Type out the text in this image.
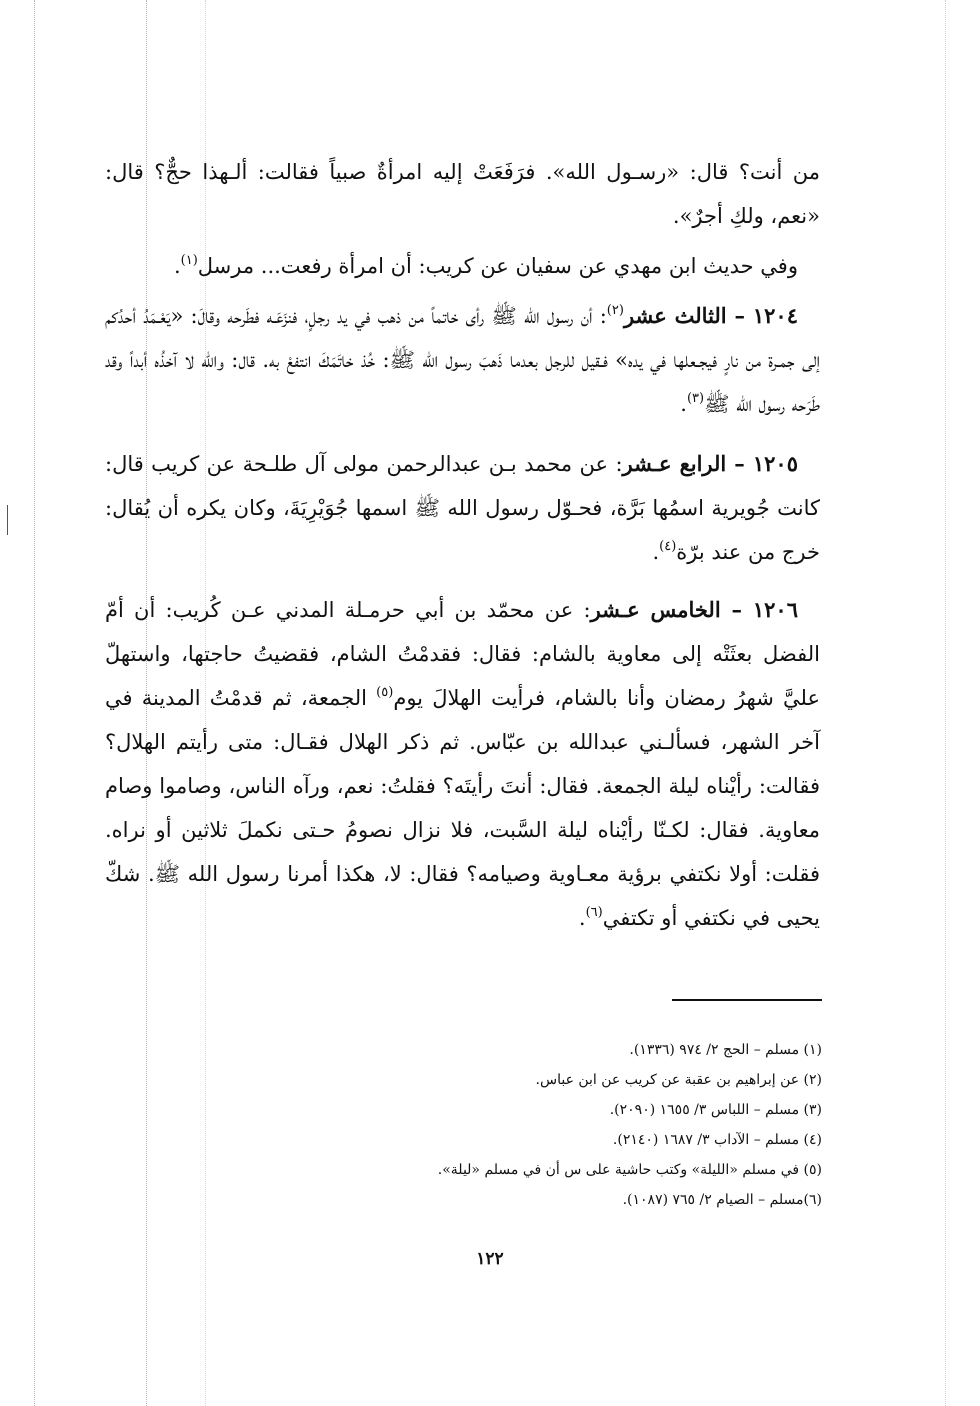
من أنت؟ قال: «رسـول الله». فرَفَعَتْ إليه امرأةٌ صبياً فقالت: ألـهذا حجٌّ؟ قال: «نعم، ولكِ أجرٌ».

وفي حديث ابن مهدي عن سفيان عن كريب: أن امرأة رفعت... مرسل$^{(١)}$.

١٢٠٤ – الثالث عشر$^{(٢)}$: أن رسول الله ﷺ رأى خاتماً من ذهب في يد رجلٍ، فنزَعَـه فطَرحه وقالَ: «يَعْـمَدُ أحدُكم إلى جمـرة من نارٍ فيجـعلها في يده» فـقيل للرجل بعدما ذَهبَ رسول الله ﷺ: خُذ خاتَمَكَ انتفعْ به. قال: والله لا آخذُه أبداً وقد طَرَحه رسول الله ﷺ$^{(٣)}$.

١٢٠٥ – الرابع عـشر: عن محمد بـن عبدالرحمن مولى آل طلـحة عن كريب قال: كانت جُويرية اسمُها بَرَّة، فحـوّل رسول الله ﷺ اسمها جُوَيْرِيَةَ، وكان يكره أن يُقال: خرج من عند برّة$^{(٤)}$.

١٢٠٦ – الخامس عـشر: عن محمّد بن أبي حرمـلة المدني عـن كُريب: أن أمّ الفضل بعثَتْه إلى معاوية بالشام: فقال: فقدمْتُ الشام، فقضيتُ حاجتها، واستهلّ عليَّ شهرُ رمضان وأنا بالشام، فرأيت الهلالَ يوم$^{(٥)}$ الجمعة، ثم قدمْتُ المدينة في آخر الشهر، فسألـني عبدالله بن عبّاس. ثم ذكر الهلال فقـال: متى رأيتم الهلال؟ فقالت: رأيْناه ليلة الجمعة. فقال: أنتَ رأيتَه؟ فقلتُ: نعم، ورآه الناس، وصاموا وصام معاوية. فقال: لكـنّا رأيْناه ليلة السَّبت، فلا نزال نصومُ حـتى نكملَ ثلاثين أو نراه. فقلت: أولا نكتفي برؤية معـاوية وصيامه؟ فقال: لا، هكذا أمرنا رسول الله ﷺ. شكّ يحيى في نكتفي أو تكتفي$^{(٦)}$.

(١) مسلم – الحج ٢/ ٩٧٤ (١٣٣٦).

(٢) عن إبراهيم بن عقبة عن كريب عن ابن عباس.

(٣) مسلم – اللباس ٣/ ١٦٥٥ (٢٠٩٠).

(٤) مسلم – الآداب ٣/ ١٦٨٧ (٢١٤٠).

(٥) في مسلم «الليلة» وكتب حاشية على س أن في مسلم «ليلة».

(٦)مسلم – الصيام ٢/ ٧٦٥ (١٠٨٧).

١٢٢
